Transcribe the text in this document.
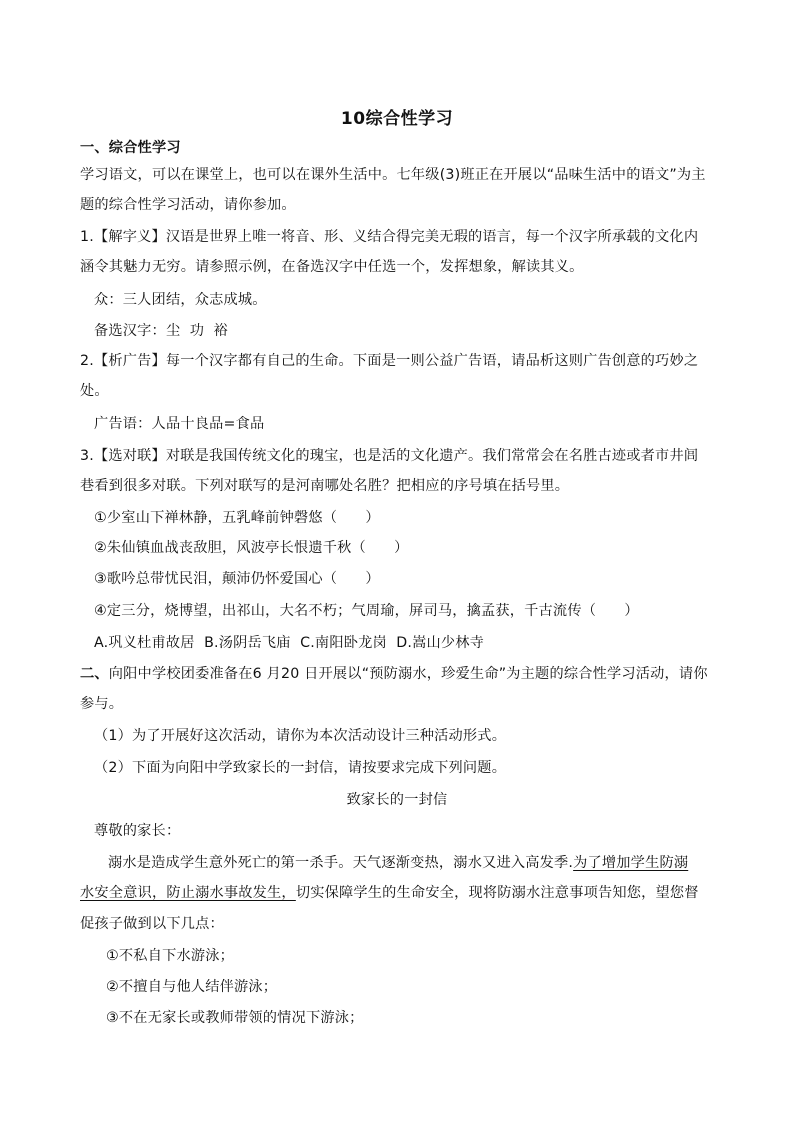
10综合性学习
一、综合性学习
学习语文，可以在课堂上，也可以在课外生活中。七年级(3)班正在开展以“品味生活中的语文”为主
题的综合性学习活动，请你参加。
1.【解字义】汉语是世界上唯一将音、形、义结合得完美无瑕的语言，每一个汉字所承载的文化内
涵令其魅力无穷。请参照示例，在备选汉字中任选一个，发挥想象，解读其义。
众：三人团结，众志成城。
备选汉字：尘  功  裕
2.【析广告】每一个汉字都有自己的生命。下面是一则公益广告语，请品析这则广告创意的巧妙之
处。
广告语：人品十良品=食品
3.【选对联】对联是我国传统文化的瑰宝，也是活的文化遗产。我们常常会在名胜古迹或者市井闾
巷看到很多对联。下列对联写的是河南哪处名胜？把相应的序号填在括号里。
①少室山下禅林静，五乳峰前钟磬悠（      ）
②朱仙镇血战丧敌胆，风波亭长恨遗千秋（      ）
③歌吟总带忧民泪，颠沛仍怀爱国心（      ）
④定三分，烧博望，出祁山，大名不朽；气周瑜，屏司马，擒孟获，千古流传（      ）
A.巩义杜甫故居  B.汤阴岳飞庙  C.南阳卧龙岗  D.嵩山少林寺
二、向阳中学校团委准备在6 月20 日开展以“预防溺水，珍爱生命”为主题的综合性学习活动，请你
参与。
（1）为了开展好这次活动，请你为本次活动设计三种活动形式。
（2）下面为向阳中学致家长的一封信，请按要求完成下列问题。
致家长的一封信
尊敬的家长：
溺水是造成学生意外死亡的第一杀手。天气逐渐变热，溺水又进入高发季.为了增加学生防溺
水安全意识，防止溺水事故发生，切实保障学生的生命安全，现将防溺水注意事项告知您，望您督
促孩子做到以下几点：
①不私自下水游泳；
②不擅自与他人结伴游泳；
③不在无家长或教师带领的情况下游泳；
